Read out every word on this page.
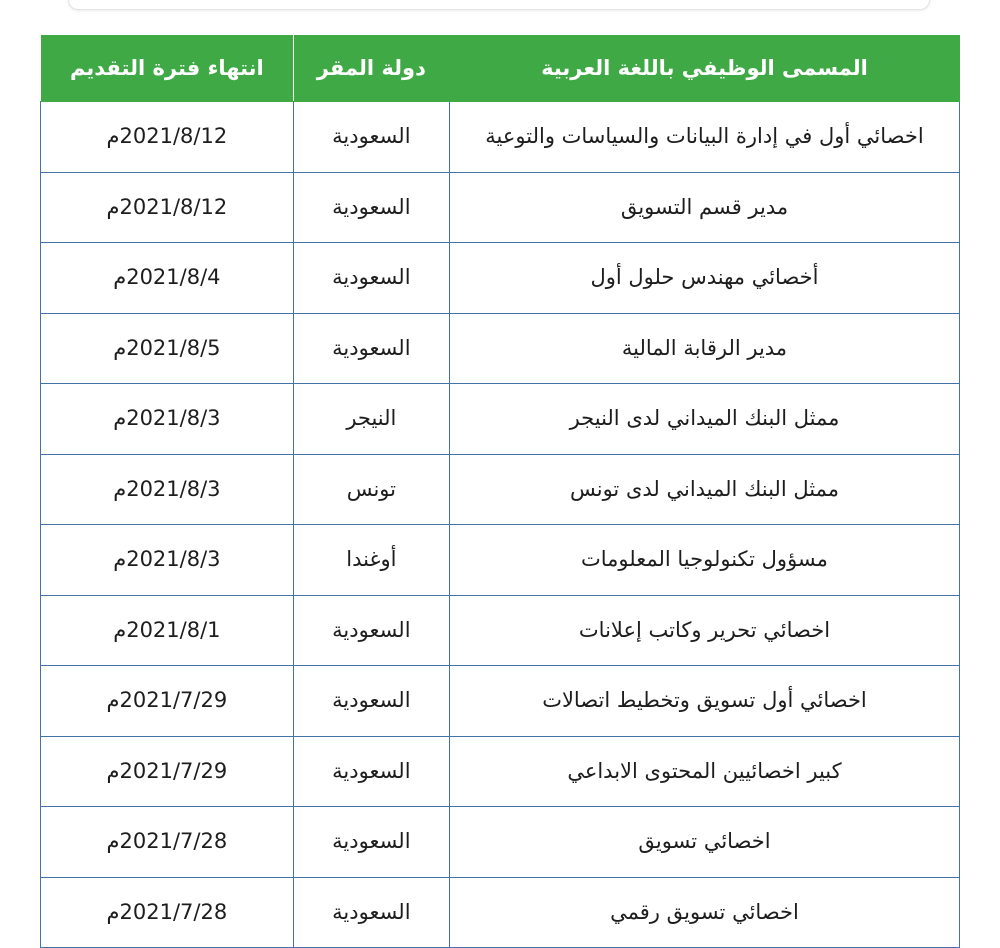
المسمى الوظيفي باللغة العربية	دولة المقر	انتهاء فترة التقديم
اخصائي أول في إدارة البيانات والسياسات والتوعية	السعودية	2021/8/12م
مدير قسم التسويق	السعودية	2021/8/12م
أخصائي مهندس حلول أول	السعودية	2021/8/4م
مدير الرقابة المالية	السعودية	2021/8/5م
ممثل البنك الميداني لدى النيجر	النيجر	2021/8/3م
ممثل البنك الميداني لدى تونس	تونس	2021/8/3م
مسؤول تكنولوجيا المعلومات	أوغندا	2021/8/3م
اخصائي تحرير وكاتب إعلانات	السعودية	2021/8/1م
اخصائي أول تسويق وتخطيط اتصالات	السعودية	2021/7/29م
كبير اخصائيين المحتوى الابداعي	السعودية	2021/7/29م
اخصائي تسويق	السعودية	2021/7/28م
اخصائي تسويق رقمي	السعودية	2021/7/28م
